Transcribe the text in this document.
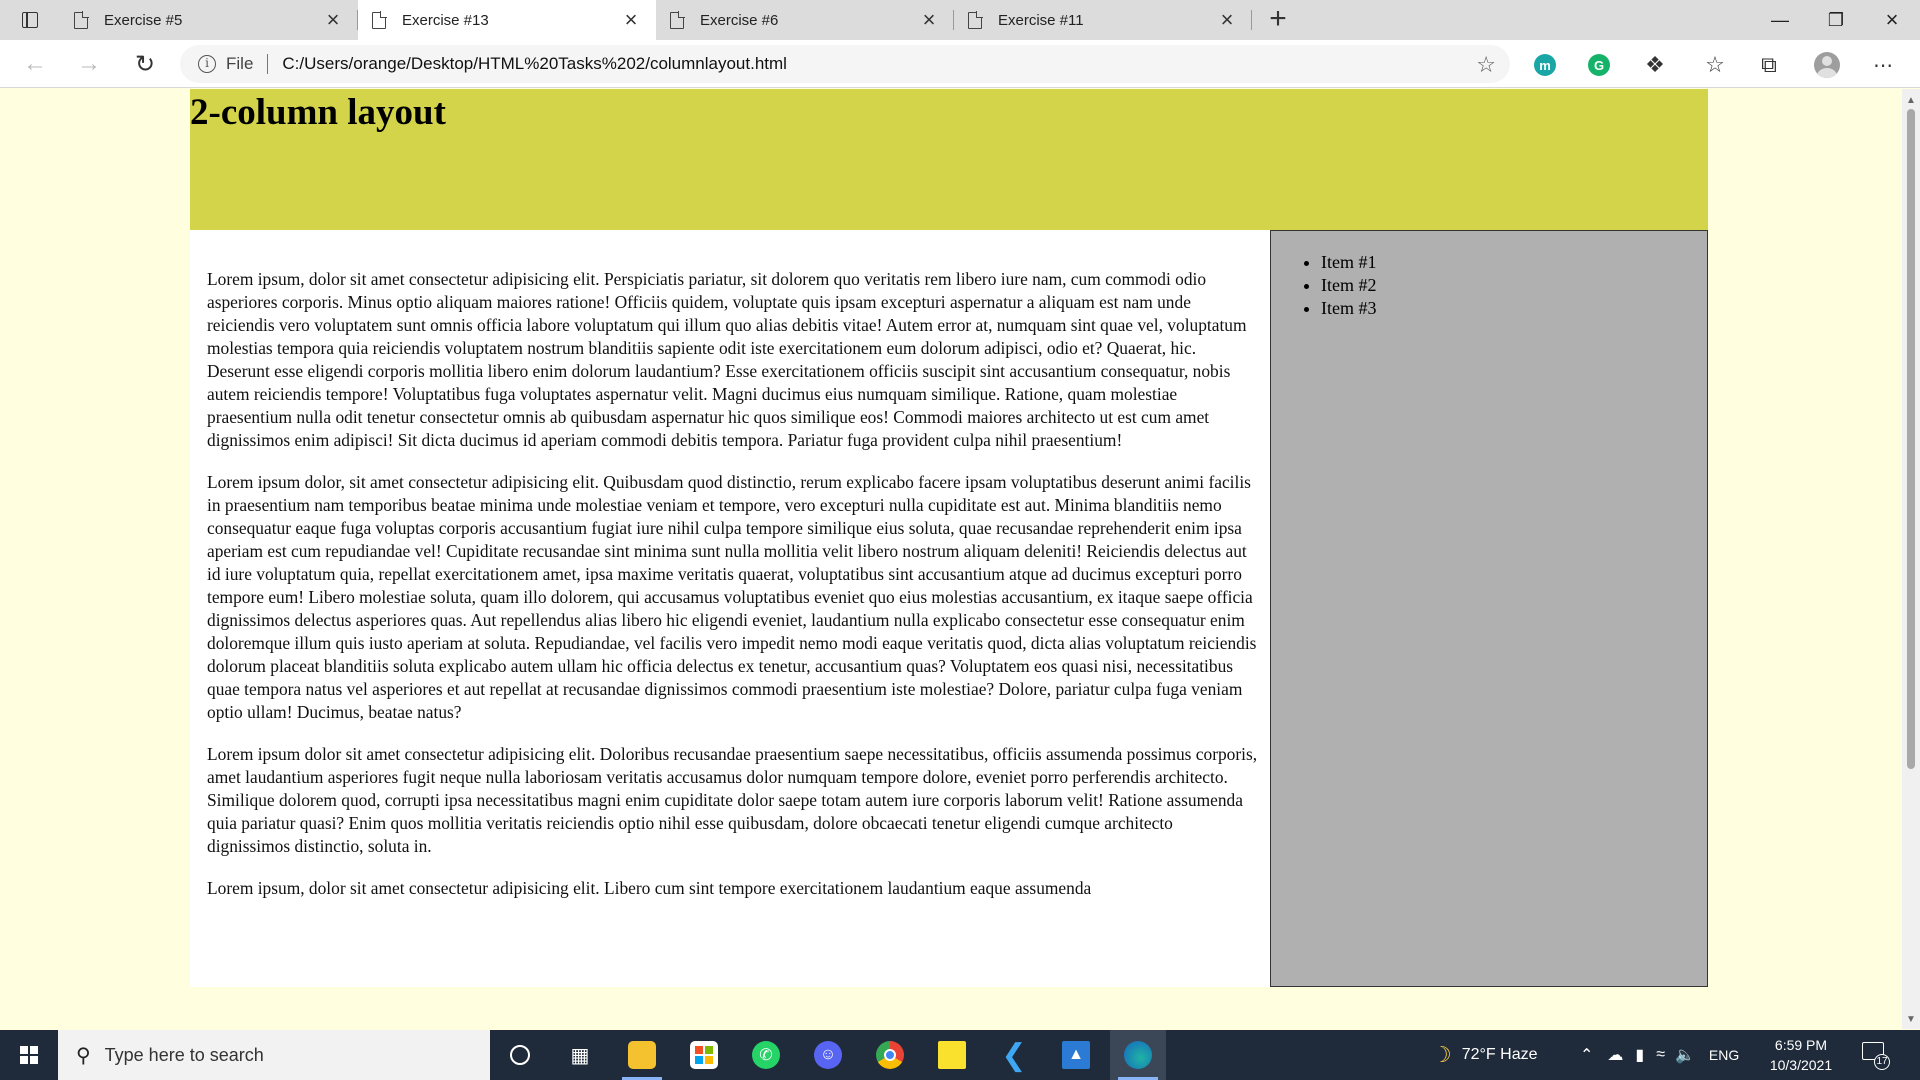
Exercise #5	×	Exercise #13	×	Exercise #6	×	Exercise #11	× +	—	❐	×
← → ↻	i	File C:/Users/orange/Desktop/HTML%20Tasks%202/columnlayout.html	☆	m	G ❖ ☆ ⧉	⋯
2-column layout

Lorem ipsum, dolor sit amet consectetur adipisicing elit. Perspiciatis pariatur, sit dolorem quo veritatis rem libero iure nam, cum commodi odio asperiores corporis. Minus optio aliquam maiores ratione! Officiis quidem, voluptate quis ipsam excepturi aspernatur a aliquam est nam unde reiciendis vero voluptatem sunt omnis officia labore voluptatum qui illum quo alias debitis vitae! Autem error at, numquam sint quae vel, voluptatum molestias tempora quia reiciendis voluptatem nostrum blanditiis sapiente odit iste exercitationem eum dolorum adipisci, odio et? Quaerat, hic. Deserunt esse eligendi corporis mollitia libero enim dolorum laudantium? Esse exercitationem officiis suscipit sint accusantium consequatur, nobis autem reiciendis tempore! Voluptatibus fuga voluptates aspernatur velit. Magni ducimus eius numquam similique. Ratione, quam molestiae praesentium nulla odit tenetur consectetur omnis ab quibusdam aspernatur hic quos similique eos! Commodi maiores architecto ut est cum amet dignissimos enim adipisci! Sit dicta ducimus id aperiam commodi debitis tempora. Pariatur fuga provident culpa nihil praesentium!

Lorem ipsum dolor, sit amet consectetur adipisicing elit. Quibusdam quod distinctio, rerum explicabo facere ipsam voluptatibus deserunt animi facilis in praesentium nam temporibus beatae minima unde molestiae veniam et tempore, vero excepturi nulla cupiditate est aut. Minima blanditiis nemo consequatur eaque fuga voluptas corporis accusantium fugiat iure nihil culpa tempore similique eius soluta, quae recusandae reprehenderit enim ipsa aperiam est cum repudiandae vel! Cupiditate recusandae sint minima sunt nulla mollitia velit libero nostrum aliquam deleniti! Reiciendis delectus aut id iure voluptatum quia, repellat exercitationem amet, ipsa maxime veritatis quaerat, voluptatibus sint accusantium atque ad ducimus excepturi porro tempore eum! Libero molestiae soluta, quam illo dolorem, qui accusamus voluptatibus eveniet quo eius molestias accusantium, ex itaque saepe officia dignissimos delectus asperiores quas. Aut repellendus alias libero hic eligendi eveniet, laudantium nulla explicabo consectetur esse consequatur enim doloremque illum quis iusto aperiam at soluta. Repudiandae, vel facilis vero impedit nemo modi eaque veritatis quod, dicta alias voluptatum reiciendis dolorum placeat blanditiis soluta explicabo autem ullam hic officia delectus ex tenetur, accusantium quas? Voluptatem eos quasi nisi, necessitatibus quae tempora natus vel asperiores et aut repellat at recusandae dignissimos commodi praesentium iste molestiae? Dolore, pariatur culpa fuga veniam optio ullam! Ducimus, beatae natus?

Lorem ipsum dolor sit amet consectetur adipisicing elit. Doloribus recusandae praesentium saepe necessitatibus, officiis assumenda possimus corporis, amet laudantium asperiores fugit neque nulla laboriosam veritatis accusamus dolor numquam tempore dolore, eveniet porro perferendis architecto. Similique dolorem quod, corrupti ipsa necessitatibus magni enim cupiditate dolor saepe totam autem iure corporis laborum velit! Ratione assumenda quia pariatur quasi? Enim quos mollitia veritatis reiciendis optio nihil esse quibusdam, dolore obcaecati tenetur eligendi cumque architecto dignissimos distinctio, soluta in.

Lorem ipsum, dolor sit amet consectetur adipisicing elit. Libero cum sint tempore exercitationem laudantium eaque assumenda

• Item #1
• Item #2
• Item #3
▲
▼
⚲ Type here to search	▦	✆	☺	❮	▲	☽ 72°F Haze	⌃ ☁ ▮ ≈ 🔈 ENG
6:59 PM
10/3/2021	17
